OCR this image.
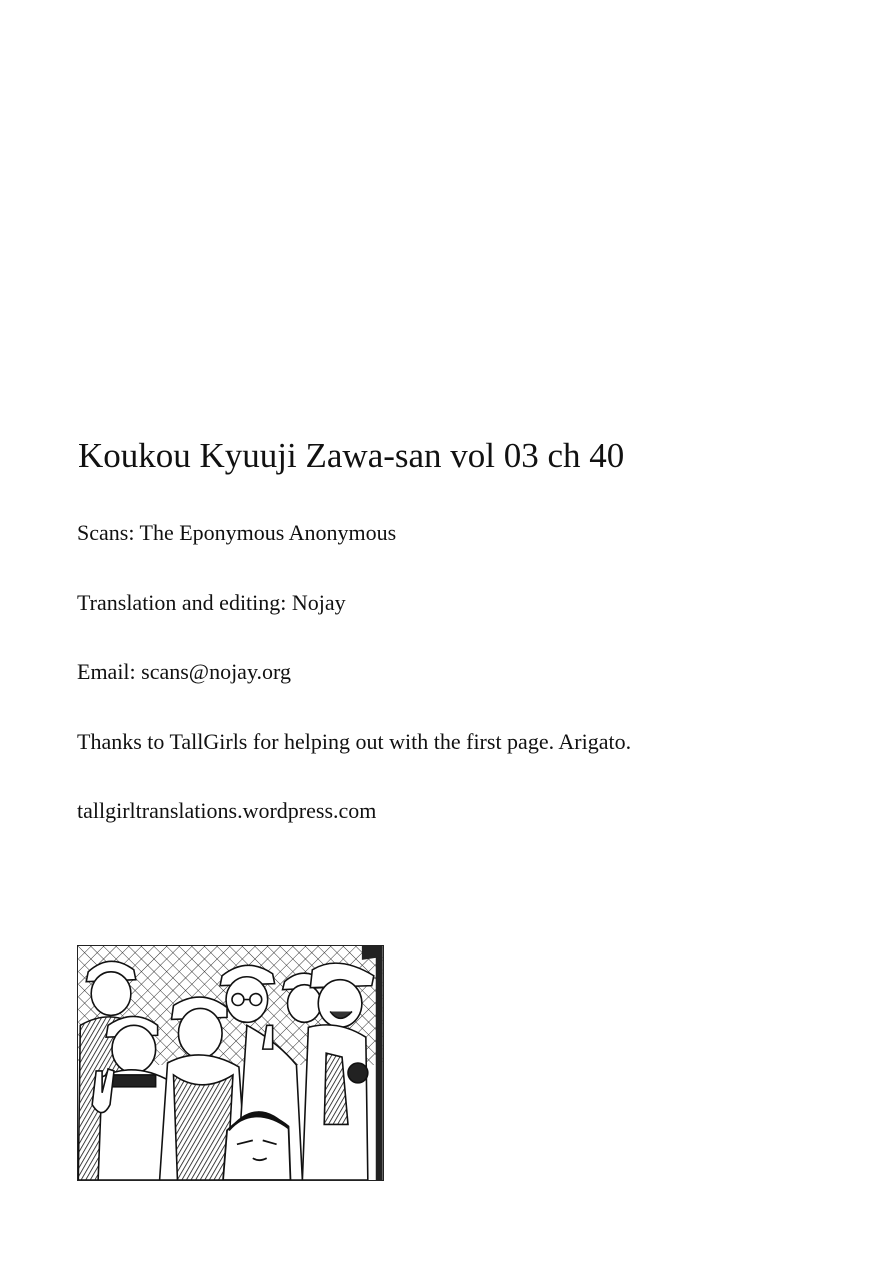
Koukou Kyuuji Zawa-san vol 03 ch 40

Scans: The Eponymous Anonymous

Translation and editing: Nojay

Email: scans@nojay.org

Thanks to TallGirls for helping out with the first page. Arigato.

tallgirltranslations.wordpress.com
